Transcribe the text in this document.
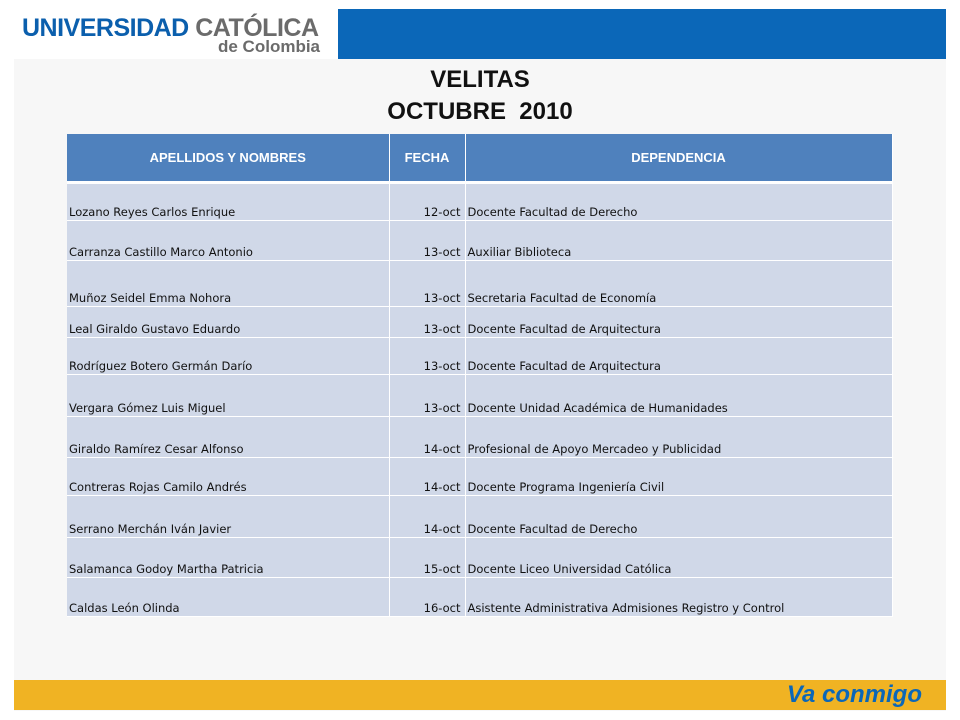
UNIVERSIDAD CATÓLICA
de Colombia
VELITAS
OCTUBRE  2010
APELLIDOS Y NOMBRES	FECHA	DEPENDENCIA
Lozano Reyes Carlos Enrique	12-oct	Docente Facultad de Derecho
Carranza Castillo Marco Antonio	13-oct	Auxiliar Biblioteca
Muñoz Seidel Emma Nohora	13-oct	Secretaria Facultad de Economía
Leal Giraldo Gustavo Eduardo	13-oct	Docente Facultad de Arquitectura
Rodríguez Botero Germán Darío	13-oct	Docente Facultad de Arquitectura
Vergara Gómez Luis Miguel	13-oct	Docente Unidad Académica de Humanidades
Giraldo Ramírez Cesar Alfonso	14-oct	Profesional de Apoyo Mercadeo y Publicidad
Contreras Rojas Camilo Andrés	14-oct	Docente Programa Ingeniería Civil
Serrano Merchán Iván Javier	14-oct	Docente Facultad de Derecho
Salamanca Godoy Martha Patricia	15-oct	Docente Liceo Universidad Católica
Caldas León Olinda	16-oct	Asistente Administrativa Admisiones Registro y Control
Va conmigo
